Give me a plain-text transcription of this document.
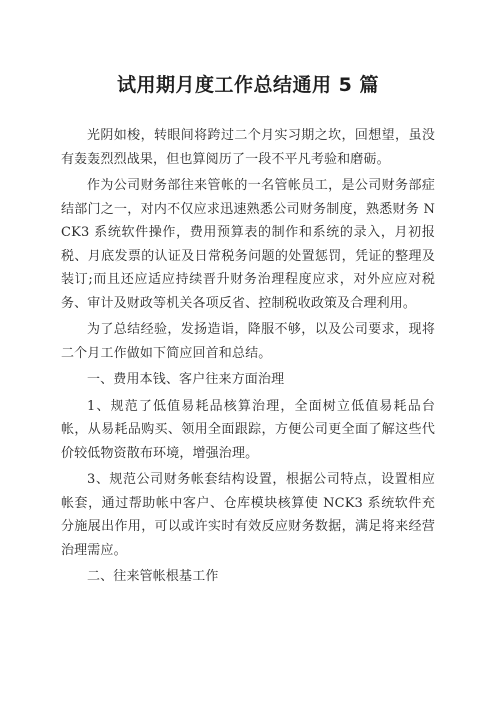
试用期月度工作总结通用 5 篇

光阴如梭，转眼间将跨过二个月实习期之坎，回想望，虽没有轰轰烈烈战果，但也算阅历了一段不平凡考验和磨砺。

作为公司财务部往来管帐的一名管帐员工，是公司财务部症结部门之一，对内不仅应求迅速熟悉公司财务制度，熟悉财务 NCK3 系统软件操作，费用预算表的制作和系统的录入，月初报税、月底发票的认证及日常税务问题的处置惩罚，凭证的整理及装订;而且还应适应持续晋升财务治理程度应求，对外应应对税务、审计及财政等机关各项反省、控制税收政策及合理利用。

为了总结经验，发扬造诣，降服不够，以及公司要求，现将二个月工作做如下简应回首和总结。

一、费用本钱、客户往来方面治理

1、规范了低值易耗品核算治理，全面树立低值易耗品台帐，从易耗品购买、领用全面跟踪，方便公司更全面了解这些代价较低物资散布环境，增强治理。

3、规范公司财务帐套结构设置，根据公司特点，设置相应帐套，通过帮助帐中客户、仓库模块核算使 NCK3 系统软件充分施展出作用，可以或许实时有效反应财务数据，满足将来经营治理需应。

二、往来管帐根基工作
